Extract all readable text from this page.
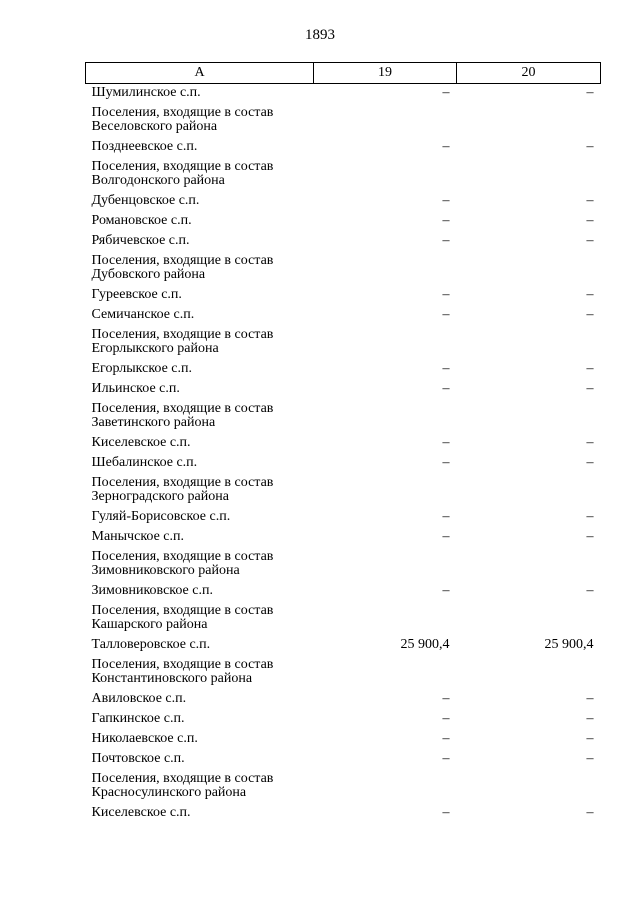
1893
А	19	20
Шумилинское с.п.	–	–
Поселения, входящие в состав Веселовского района		
Позднеевское с.п.	–	–
Поселения, входящие в состав Волгодонского района		
Дубенцовское с.п.	–	–
Романовское с.п.	–	–
Рябичевское с.п.	–	–
Поселения, входящие в состав Дубовского района		
Гуреевское с.п.	–	–
Семичанское с.п.	–	–
Поселения, входящие в состав Егорлыкского района		
Егорлыкское с.п.	–	–
Ильинское с.п.	–	–
Поселения, входящие в состав Заветинского района		
Киселевское с.п.	–	–
Шебалинское с.п.	–	–
Поселения, входящие в состав Зерноградского района		
Гуляй-Борисовское с.п.	–	–
Манычское с.п.	–	–
Поселения, входящие в состав Зимовниковского района		
Зимовниковское с.п.	–	–
Поселения, входящие в состав Кашарского района		
Талловеровское с.п.	25 900,4	25 900,4
Поселения, входящие в состав Константиновского района		
Авиловское с.п.	–	–
Гапкинское с.п.	–	–
Николаевское с.п.	–	–
Почтовское с.п.	–	–
Поселения, входящие в состав Красносулинского района		
Киселевское с.п.	–	–
